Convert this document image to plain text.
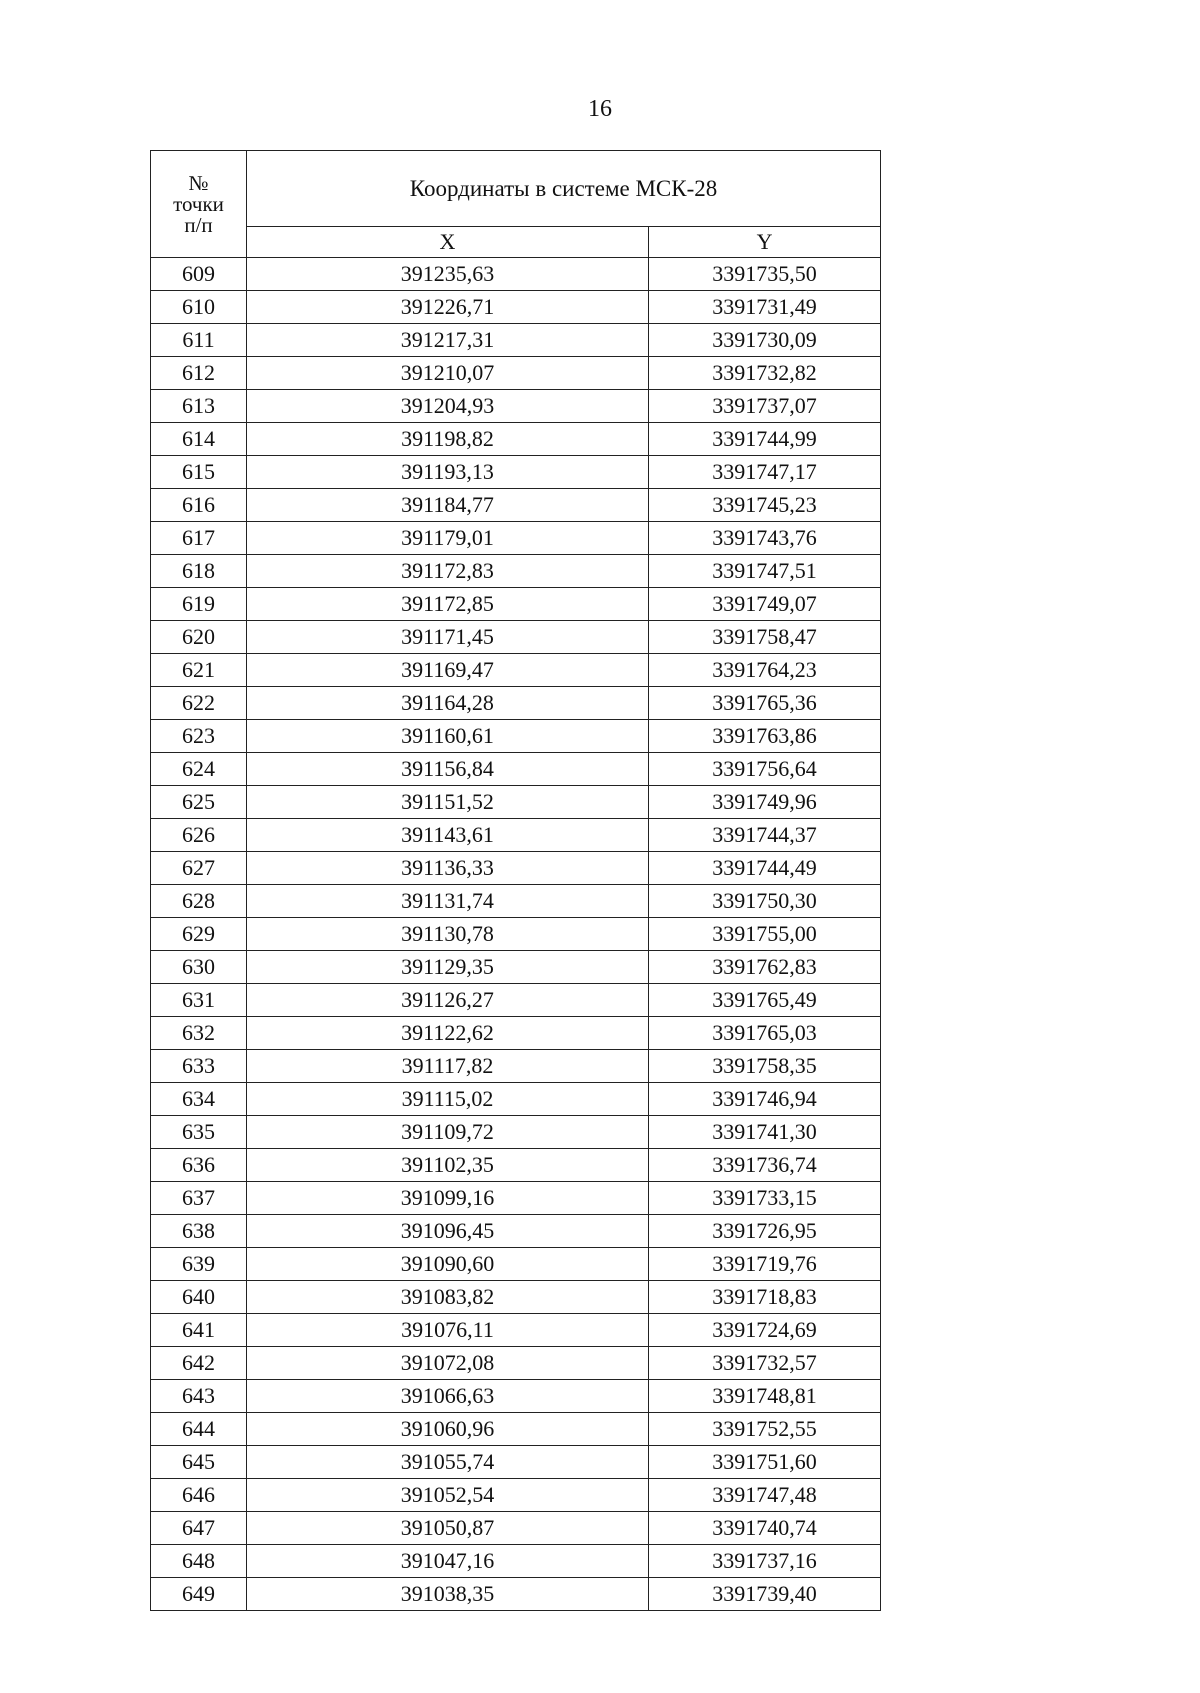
16
№
точки
п/п	Координаты в системе МСК-28	
	X	Y
609	391235,63	3391735,50
610	391226,71	3391731,49
611	391217,31	3391730,09
612	391210,07	3391732,82
613	391204,93	3391737,07
614	391198,82	3391744,99
615	391193,13	3391747,17
616	391184,77	3391745,23
617	391179,01	3391743,76
618	391172,83	3391747,51
619	391172,85	3391749,07
620	391171,45	3391758,47
621	391169,47	3391764,23
622	391164,28	3391765,36
623	391160,61	3391763,86
624	391156,84	3391756,64
625	391151,52	3391749,96
626	391143,61	3391744,37
627	391136,33	3391744,49
628	391131,74	3391750,30
629	391130,78	3391755,00
630	391129,35	3391762,83
631	391126,27	3391765,49
632	391122,62	3391765,03
633	391117,82	3391758,35
634	391115,02	3391746,94
635	391109,72	3391741,30
636	391102,35	3391736,74
637	391099,16	3391733,15
638	391096,45	3391726,95
639	391090,60	3391719,76
640	391083,82	3391718,83
641	391076,11	3391724,69
642	391072,08	3391732,57
643	391066,63	3391748,81
644	391060,96	3391752,55
645	391055,74	3391751,60
646	391052,54	3391747,48
647	391050,87	3391740,74
648	391047,16	3391737,16
649	391038,35	3391739,40
